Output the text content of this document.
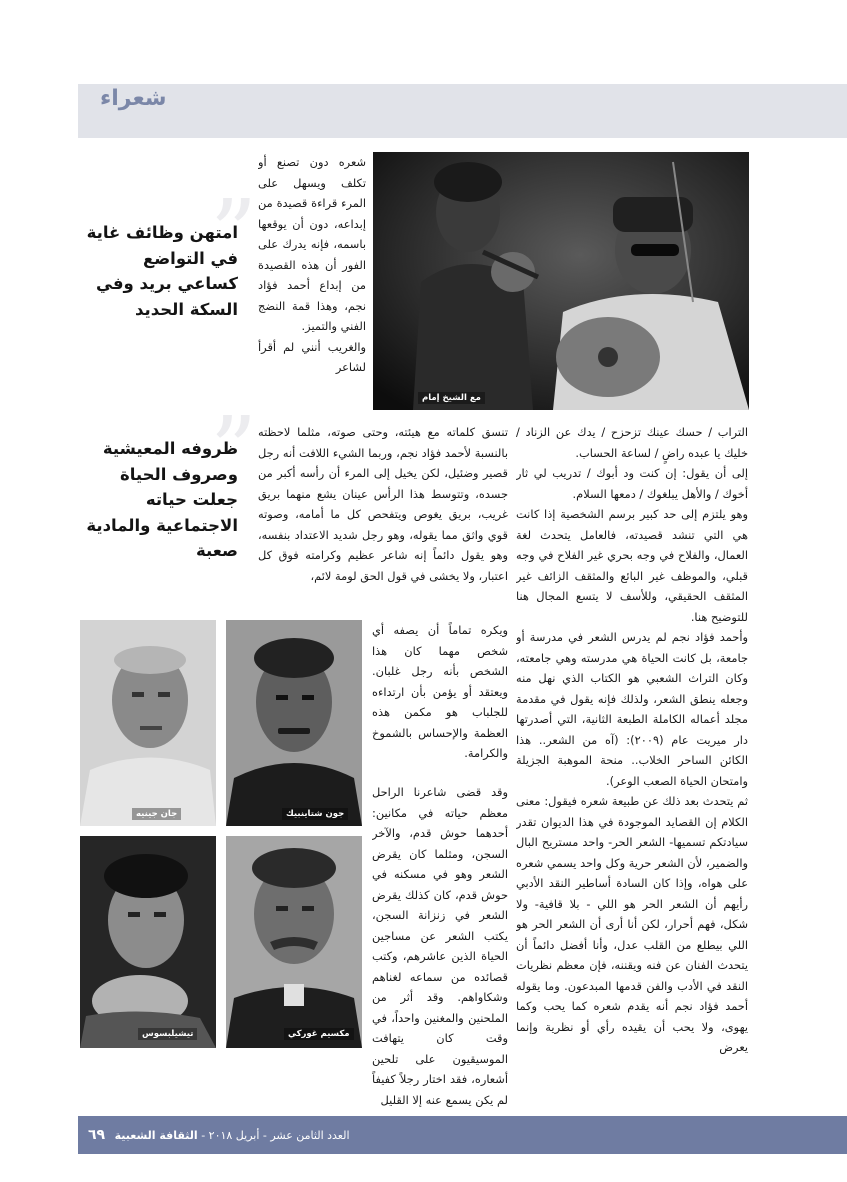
شعراء
”
امتهن وظائف غاية في التواضع كساعي بريد وفي السكة الحديد
”
ظروفه المعيشية وصروف الحياة جعلت حياته الاجتماعية والمادية صعبة
مع الشيخ إمام
جان جينيه	جون شتاينبيك
تيشيلبسوس	مكسيم غوركي

شعره دون تصنع أو تكلف ويسهل على المرء قراءة قصيدة من إبداعه، دون أن يوقعها باسمه، فإنه يدرك على الفور أن هذه القصيدة من إبداع أحمد فؤاد نجم، وهذا قمة النضج الفني والتميز.

والغريب أنني لم أقرأ لشاعر

تنسق كلماته مع هيئته، وحتى صوته، مثلما لاحظته بالنسبة لأحمد فؤاد نجم، وربما الشيء اللافت أنه رجل قصير وضئيل، لكن يخيل إلى المرء أن رأسه أكبر من جسده، وتتوسط هذا الرأس عينان يشع منهما بريق غريب، بريق يغوص ويتفحص كل ما أمامه، وصوته قوي واثق مما يقوله، وهو رجل شديد الاعتداد بنفسه، وهو يقول دائماً إنه شاعر عظيم وكرامته فوق كل اعتبار، ولا يخشى في قول الحق لومة لائم،

ويكره تماماً أن يصفه أي شخص مهما كان هذا الشخص بأنه رجل غلبان. ويعتقد أو يؤمن بأن ارتداءه للجلباب هو مكمن هذه العظمة والإحساس بالشموخ والكرامة.

وقد قضى شاعرنا الراحل معظم حياته في مكانين: أحدهما حوش قدم، والآخر السجن، ومثلما كان يقرض الشعر وهو في مسكنه في حوش قدم، كان كذلك يقرض الشعر في زنزانة السجن، يكتب الشعر عن مساجين الحياة الذين عاشرهم، وكتب قصائده من سماعه لغناهم وشكاواهم. وقد أثر من الملحنين والمغنين واحداً، في وقت كان يتهافت الموسيقيون على تلحين أشعاره، فقد اختار رجلاً كفيفاً لم يكن يسمع عنه إلا القليل

التراب / حسك عينك تزحزح / يدك عن الزناد / خليك يا عبده راضٍ / لساعة الحساب.

إلى أن يقول: إن كنت ود أبوك / تدريب لي ثار أخوك / والأهل يبلغوك / دمعها السلام.

وهو يلتزم إلى حد كبير برسم الشخصية إذا كانت هي التي تنشد قصيدته، فالعامل يتحدث لغة العمال، والفلاح في وجه بحري غير الفلاح في وجه قبلي، والموظف غير البائع والمثقف الزائف غير المثقف الحقيقي، وللأسف لا يتسع المجال هنا للتوضيح هنا.

وأحمد فؤاد نجم لم يدرس الشعر في مدرسة أو جامعة، بل كانت الحياة هي مدرسته وهي جامعته، وكان التراث الشعبي هو الكتاب الذي نهل منه وجعله ينطق الشعر، ولذلك فإنه يقول في مقدمة مجلد أعماله الكاملة الطبعة الثانية، التي أصدرتها دار ميريت عام (٢٠٠٩): (آه من الشعر.. هذا الكائن الساحر الخلاب.. منحة الموهبة الجزيلة وامتحان الحياة الصعب الوعر).

ثم يتحدث بعد ذلك عن طبيعة شعره فيقول: معنى الكلام إن القصايد الموجودة في هذا الديوان تقدر سيادتكم تسميها- الشعر الحر- واحد مستريح البال والضمير، لأن الشعر حرية وكل واحد يسمي شعره على هواه، وإذا كان السادة أساطير النقد الأدبي رأيهم أن الشعر الحر هو اللي - بلا قافية- ولا شكل، فهم أحرار، لكن أنا أرى أن الشعر الحر هو اللي بيطلع من القلب عدل، وأنا أفضل دائماً أن يتحدث الفنان عن فنه ويقننه، فإن معظم نظريات النقد في الأدب والفن قدمها المبدعون. وما يقوله أحمد فؤاد نجم أنه يقدم شعره كما يحب وكما يهوى، ولا يحب أن يقيده رأي أو نظرية وإنما يعرض

العدد الثامن عشر - أبريل ٢٠١٨ - الثقافة الشعبية ٦٩
